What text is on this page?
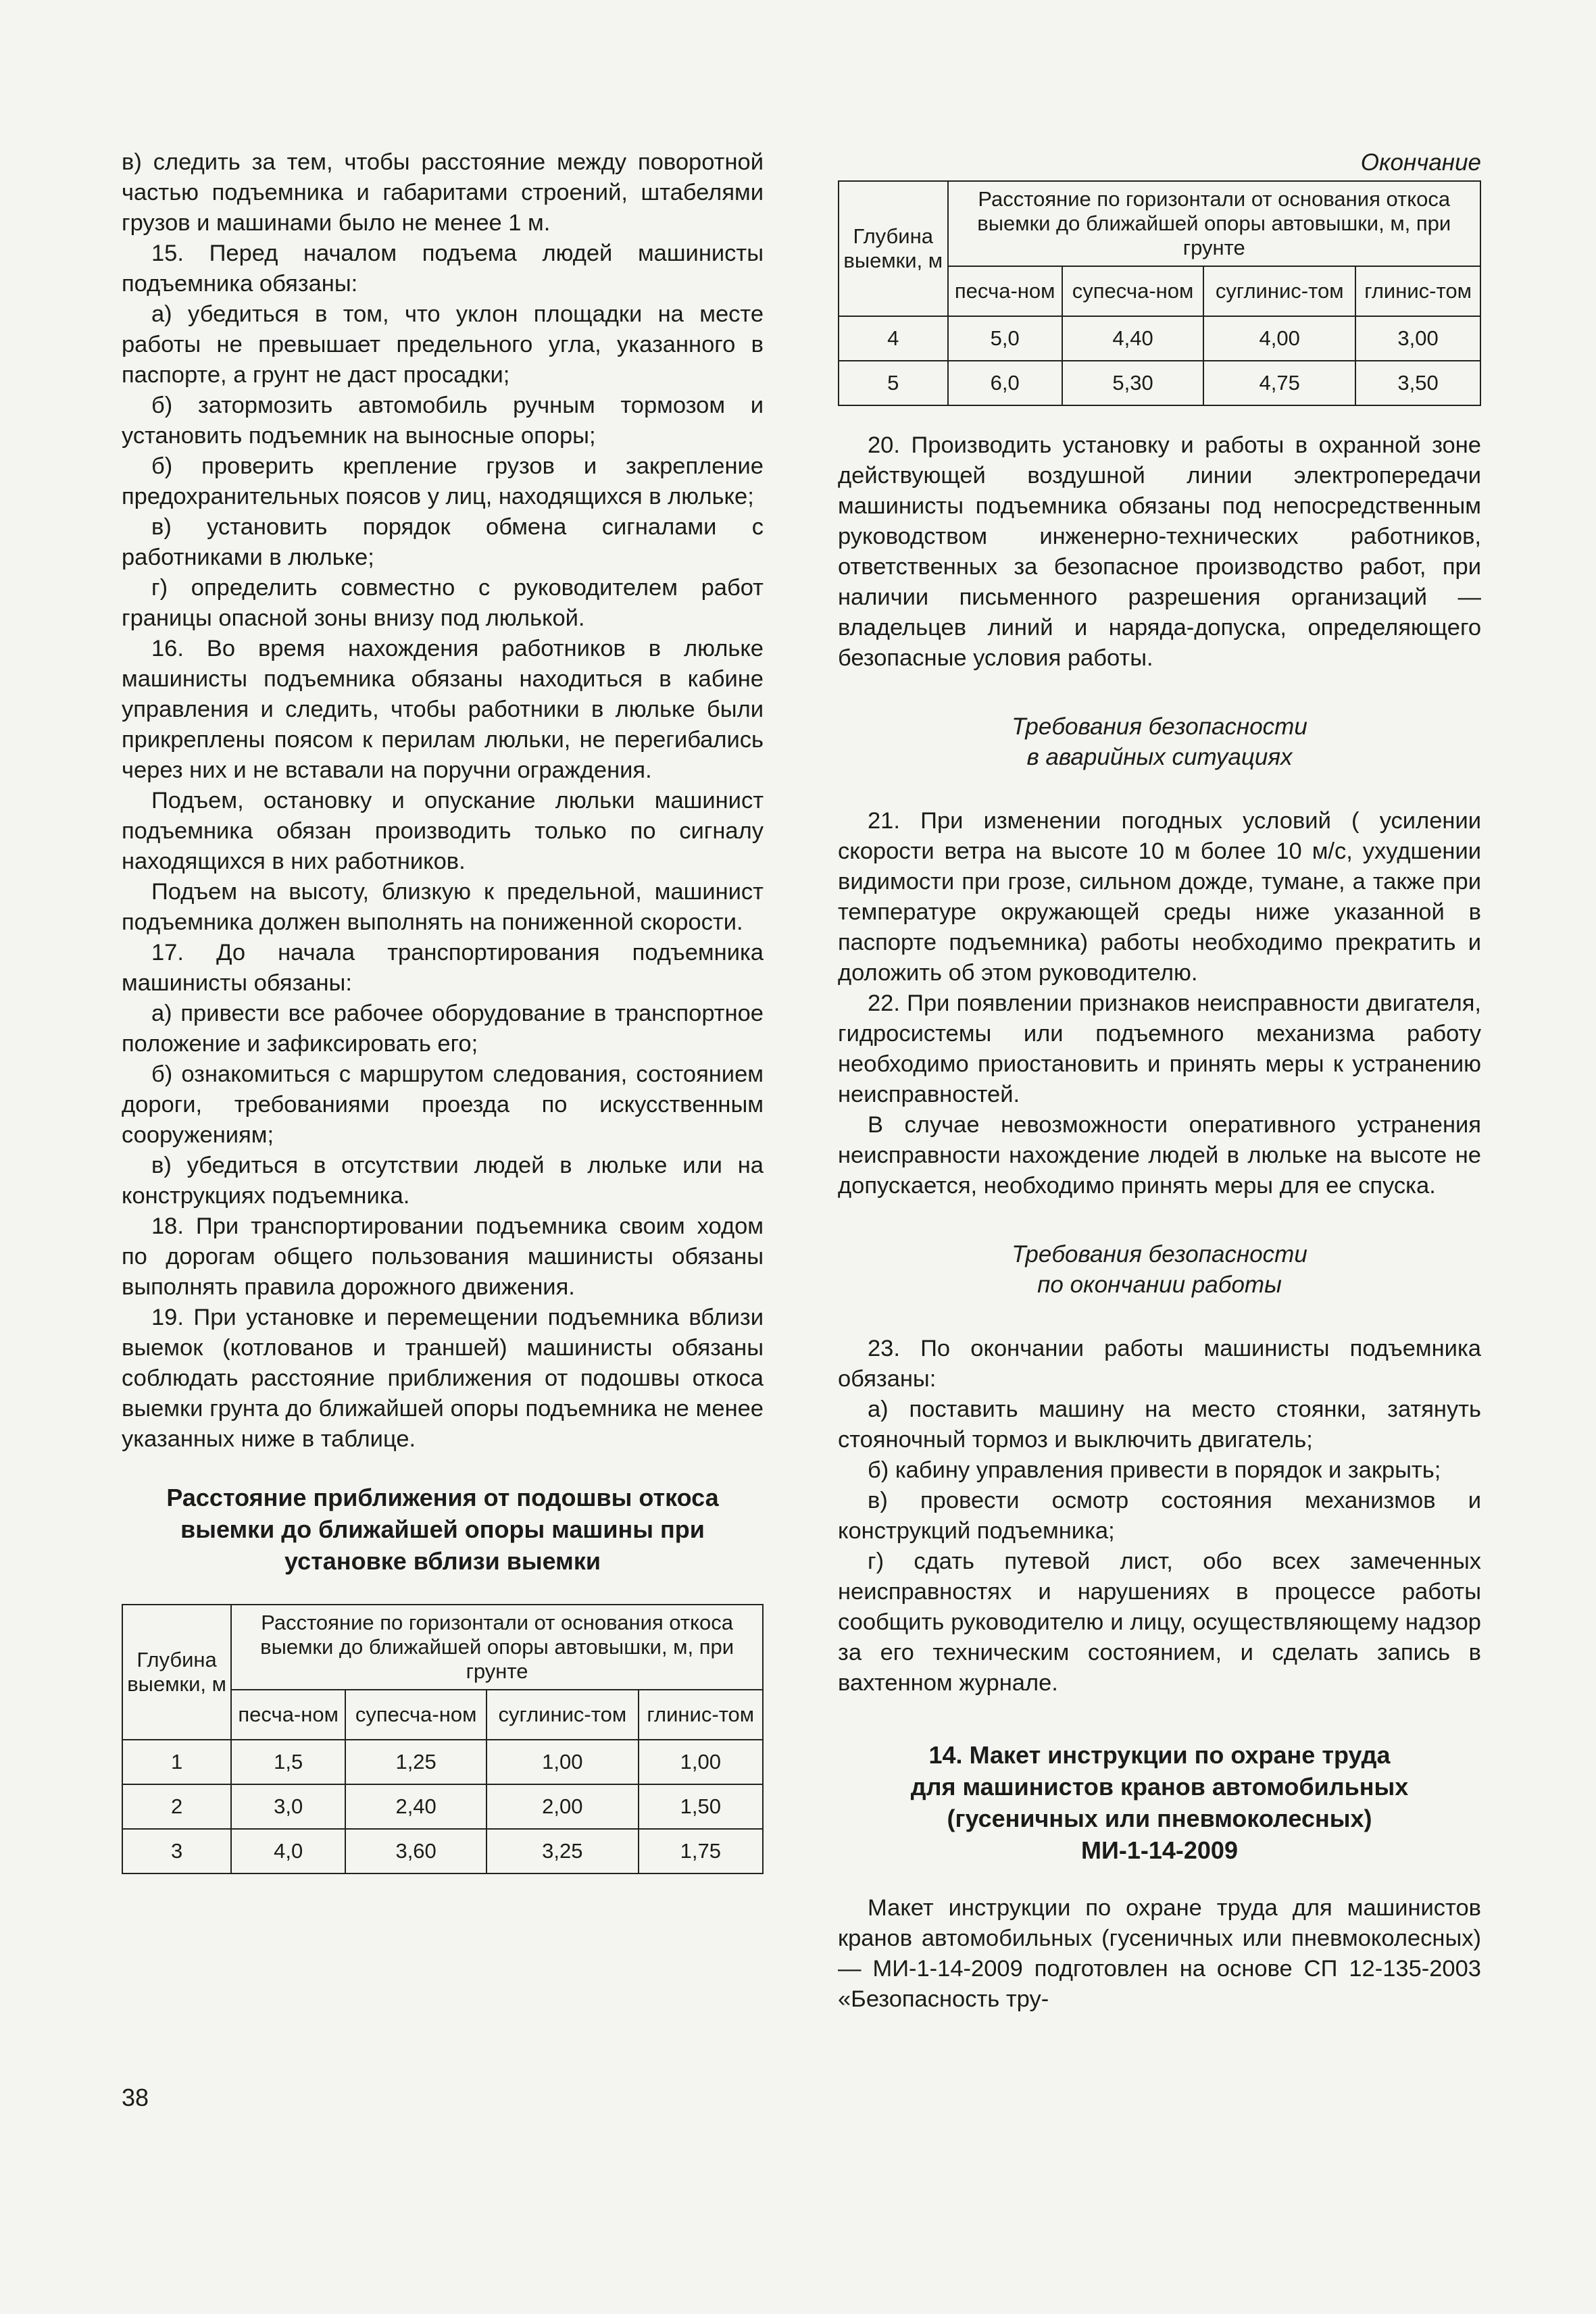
в) следить за тем, чтобы расстояние между поворотной частью подъемника и габаритами строений, штабелями грузов и машинами было не менее 1 м.

15. Перед началом подъема людей машинисты подъемника обязаны:

а) убедиться в том, что уклон площадки на месте работы не превышает предельного угла, указанного в паспорте, а грунт не даст просадки;

б) затормозить автомобиль ручным тормозом и установить подъемник на выносные опоры;

б) проверить крепление грузов и закрепление предохранительных поясов у лиц, находящихся в люльке;

в) установить порядок обмена сигналами с работниками в люльке;

г) определить совместно с руководителем работ границы опасной зоны внизу под люлькой.

16. Во время нахождения работников в люльке машинисты подъемника обязаны находиться в кабине управления и следить, чтобы работники в люльке были прикреплены поясом к перилам люльки, не перегибались через них и не вставали на поручни ограждения.

Подъем, остановку и опускание люльки машинист подъемника обязан производить только по сигналу находящихся в них работников.

Подъем на высоту, близкую к предельной, машинист подъемника должен выполнять на пониженной скорости.

17. До начала транспортирования подъемника машинисты обязаны:

а) привести все рабочее оборудование в транспортное положение и зафиксировать его;

б) ознакомиться с маршрутом следования, состоянием дороги, требованиями проезда по искусственным сооружениям;

в) убедиться в отсутствии людей в люльке или на конструкциях подъемника.

18. При транспортировании подъемника своим ходом по дорогам общего пользования машинисты обязаны выполнять правила дорожного движения.

19. При установке и перемещении подъемника вблизи выемок (котлованов и траншей) машинисты обязаны соблюдать расстояние приближения от подошвы откоса выемки грунта до ближайшей опоры подъемника не менее указанных ниже в таблице.

Расстояние приближения от подошвы откоса выемки до ближайшей опоры машины при установке вблизи выемки

Глубина выемки, м	Расстояние по горизонтали от основания откоса выемки до ближайшей опоры автовышки, м, при грунте			
	песча-ном	супесча-ном	суглинис-том	глинис-том
1	1,5	1,25	1,00	1,00
2	3,0	2,40	2,00	1,50
3	4,0	3,60	3,25	1,75

Окончание

Глубина выемки, м	Расстояние по горизонтали от основания откоса выемки до ближайшей опоры автовышки, м, при грунте			
	песча-ном	супесча-ном	суглинис-том	глинис-том
4	5,0	4,40	4,00	3,00
5	6,0	5,30	4,75	3,50

20. Производить установку и работы в охранной зоне действующей воздушной линии электропередачи машинисты подъемника обязаны под непосредственным руководством инженерно-технических работников, ответственных за безопасное производство работ, при наличии письменного разрешения организаций — владельцев линий и наряда-допуска, определяющего безопасные условия работы.

Требования безопасности

в аварийных ситуациях

21. При изменении погодных условий ( усилении скорости ветра на высоте 10 м более 10 м/с, ухудшении видимости при грозе, сильном дожде, тумане, а также при температуре окружающей среды ниже указанной в паспорте подъемника) работы необходимо прекратить и доложить об этом руководителю.

22. При появлении признаков неисправности двигателя, гидросистемы или подъемного механизма работу необходимо приостановить и принять меры к устранению неисправностей.

В случае невозможности оперативного устранения неисправности нахождение людей в люльке на высоте не допускается, необходимо принять меры для ее спуска.

Требования безопасности

по окончании работы

23. По окончании работы машинисты подъемника обязаны:

а) поставить машину на место стоянки, затянуть стояночный тормоз и выключить двигатель;

б) кабину управления привести в порядок и закрыть;

в) провести осмотр состояния механизмов и конструкций подъемника;

г) сдать путевой лист, обо всех замеченных неисправностях и нарушениях в процессе работы сообщить руководителю и лицу, осуществляющему надзор за его техническим состоянием, и сделать запись в вахтенном журнале.

14. Макет инструкции по охране труда

для машинистов кранов автомобильных

(гусеничных или пневмоколесных)

МИ-1-14-2009

Макет инструкции по охране труда для машинистов кранов автомобильных (гусеничных или пневмоколесных) — МИ-1-14-2009 подготовлен на основе СП 12-135-2003 «Безопасность тру-

38
